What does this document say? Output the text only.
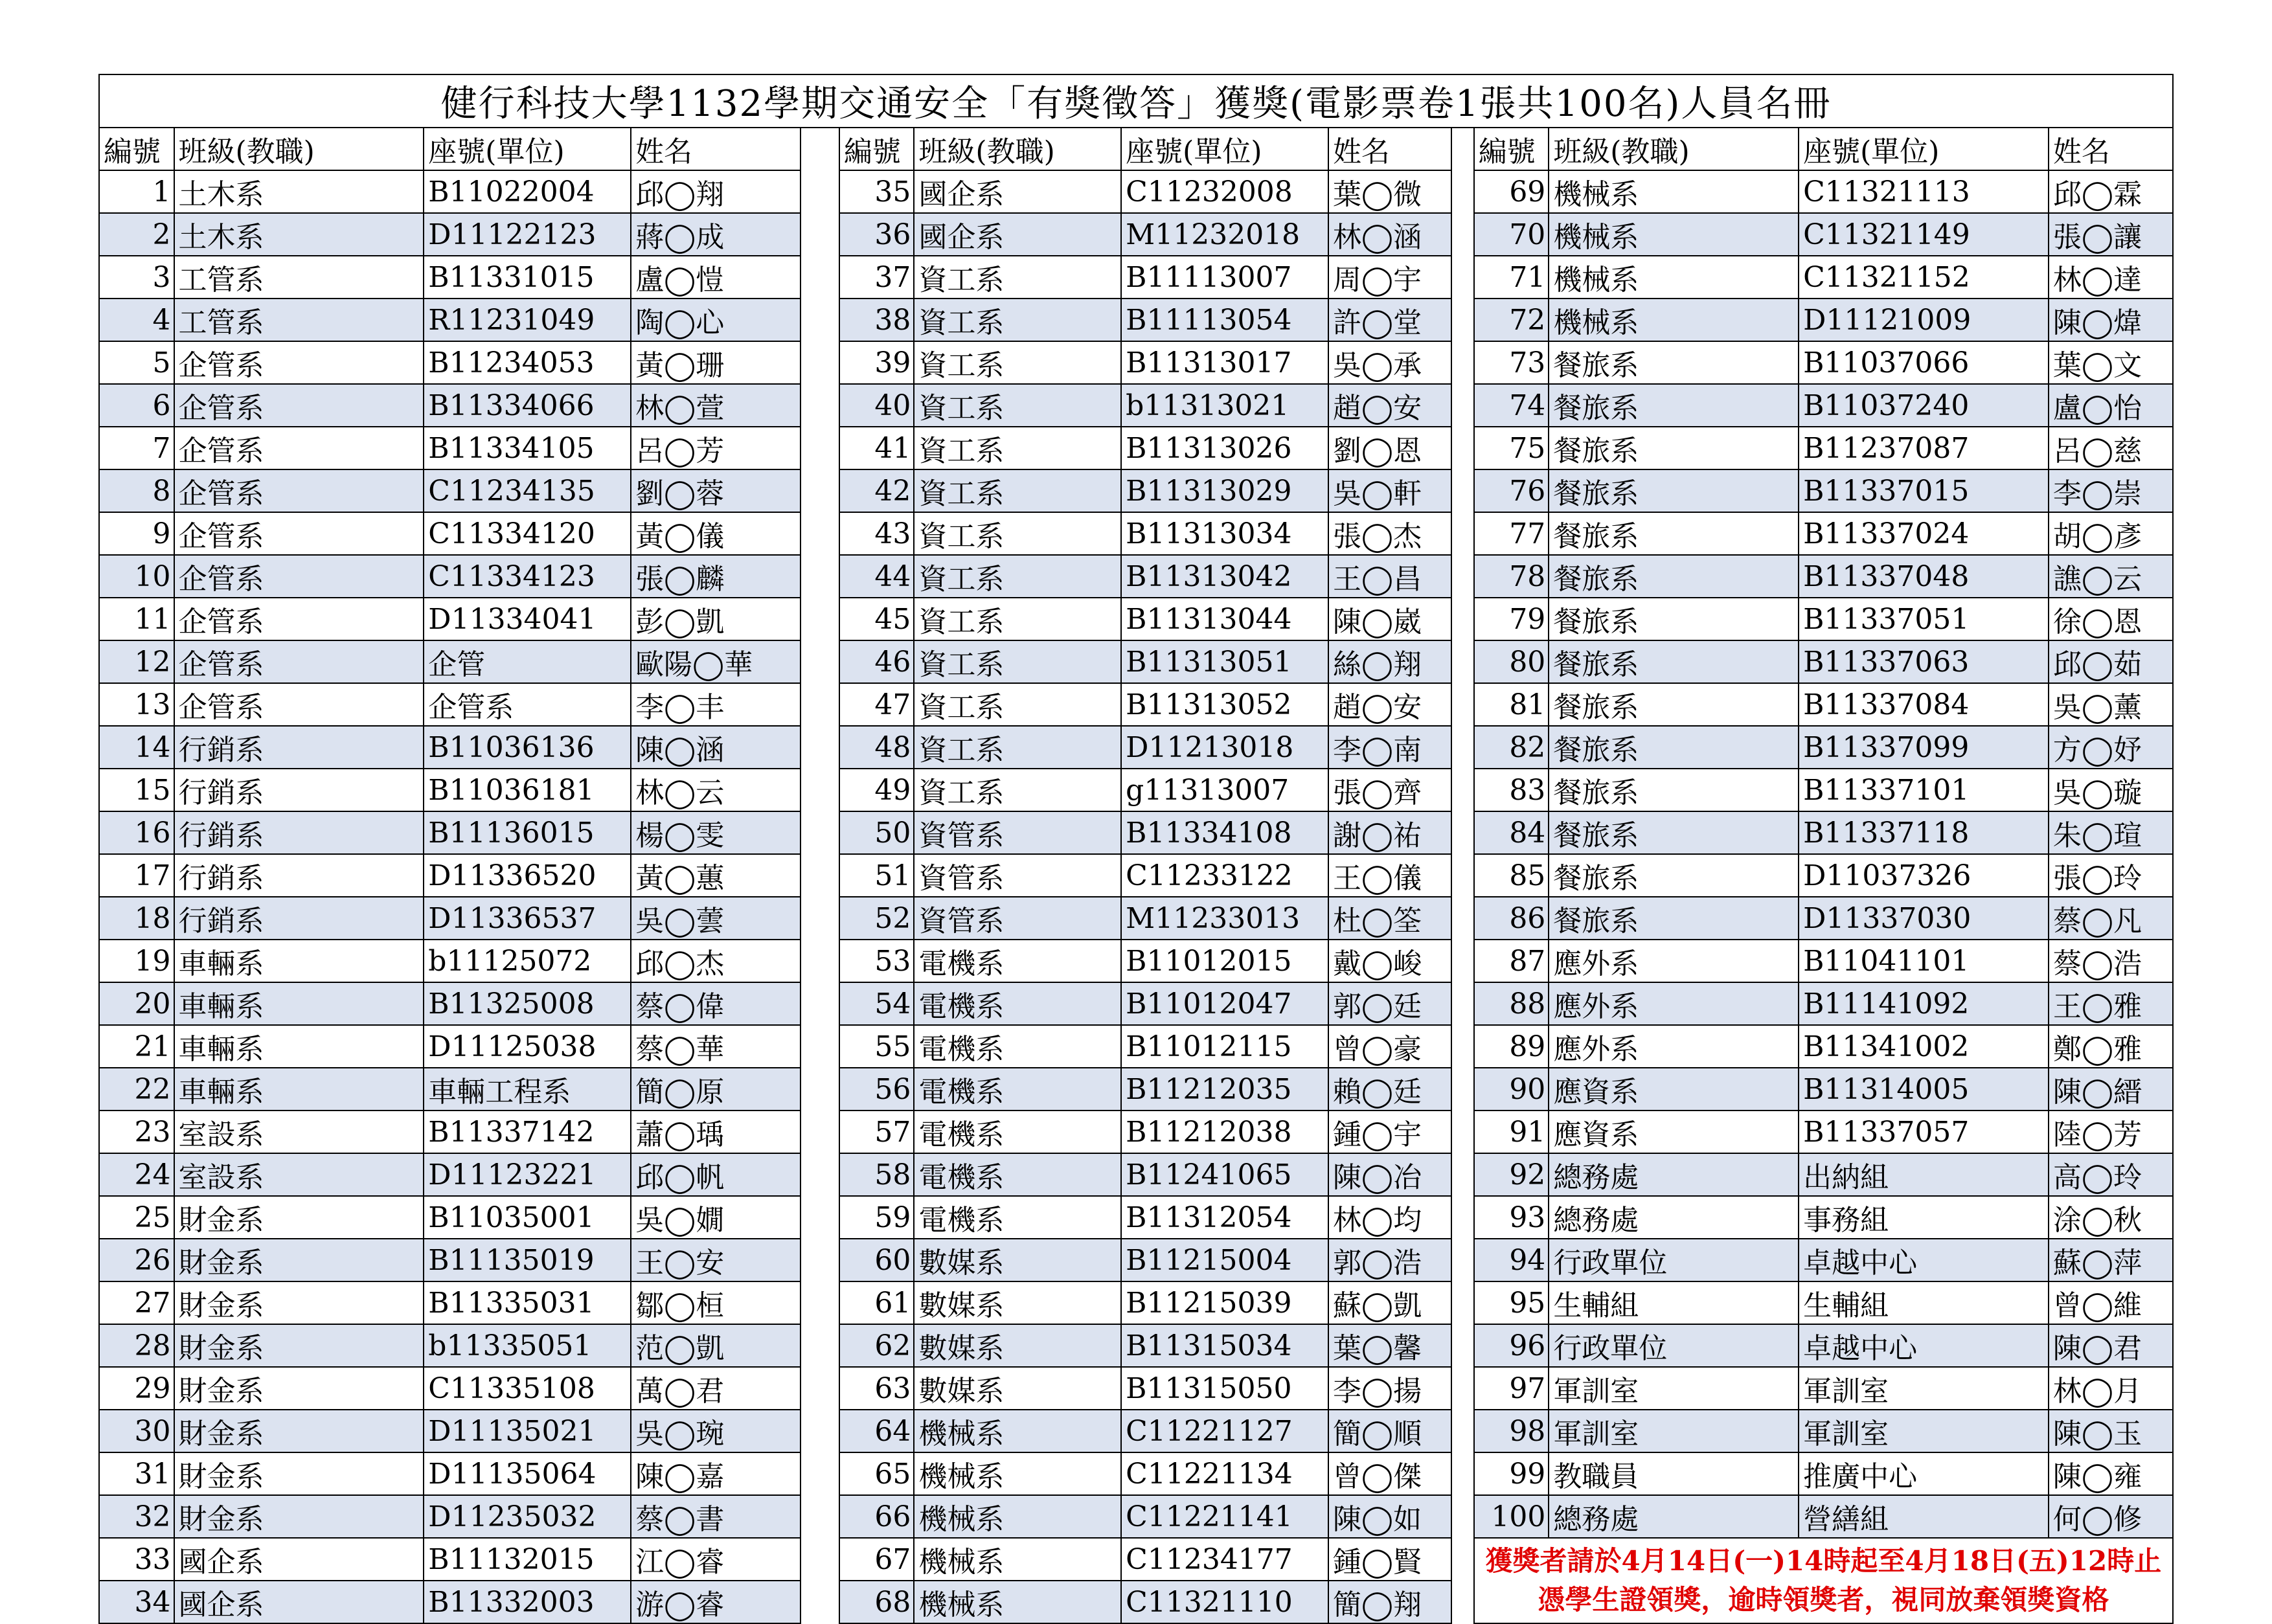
健行科技大學1132學期交通安全「有獎徵答」獲獎(電影票卷1張共100名)人員名冊													
編號	班級(教職)	座號(單位)	姓名		編號	班級(教職)	座號(單位)	姓名		編號	班級(教職)	座號(單位)	姓名
1	土木系	B11022004	邱◯翔		35	國企系	C11232008	葉◯微		69	機械系	C11321113	邱◯霖
2	土木系	D11122123	蔣◯成		36	國企系	M11232018	林◯涵		70	機械系	C11321149	張◯讓
3	工管系	B11331015	盧◯愷		37	資工系	B11113007	周◯宇		71	機械系	C11321152	林◯達
4	工管系	R11231049	陶◯心		38	資工系	B11113054	許◯堂		72	機械系	D11121009	陳◯煒
5	企管系	B11234053	黃◯珊		39	資工系	B11313017	吳◯承		73	餐旅系	B11037066	葉◯文
6	企管系	B11334066	林◯萱		40	資工系	b11313021	趙◯安		74	餐旅系	B11037240	盧◯怡
7	企管系	B11334105	呂◯芳		41	資工系	B11313026	劉◯恩		75	餐旅系	B11237087	呂◯慈
8	企管系	C11234135	劉◯蓉		42	資工系	B11313029	吳◯軒		76	餐旅系	B11337015	李◯崇
9	企管系	C11334120	黃◯儀		43	資工系	B11313034	張◯杰		77	餐旅系	B11337024	胡◯彥
10	企管系	C11334123	張◯麟		44	資工系	B11313042	王◯昌		78	餐旅系	B11337048	譙◯云
11	企管系	D11334041	彭◯凱		45	資工系	B11313044	陳◯崴		79	餐旅系	B11337051	徐◯恩
12	企管系	企管	歐陽◯華		46	資工系	B11313051	絲◯翔		80	餐旅系	B11337063	邱◯茹
13	企管系	企管系	李◯丰		47	資工系	B11313052	趙◯安		81	餐旅系	B11337084	吳◯薰
14	行銷系	B11036136	陳◯涵		48	資工系	D11213018	李◯南		82	餐旅系	B11337099	方◯妤
15	行銷系	B11036181	林◯云		49	資工系	g11313007	張◯齊		83	餐旅系	B11337101	吳◯璇
16	行銷系	B11136015	楊◯雯		50	資管系	B11334108	謝◯祐		84	餐旅系	B11337118	朱◯瑄
17	行銷系	D11336520	黃◯蕙		51	資管系	C11233122	王◯儀		85	餐旅系	D11037326	張◯玲
18	行銷系	D11336537	吳◯蕓		52	資管系	M11233013	杜◯筌		86	餐旅系	D11337030	蔡◯凡
19	車輛系	b11125072	邱◯杰		53	電機系	B11012015	戴◯峻		87	應外系	B11041101	蔡◯浩
20	車輛系	B11325008	蔡◯偉		54	電機系	B11012047	郭◯廷		88	應外系	B11141092	王◯雅
21	車輛系	D11125038	蔡◯華		55	電機系	B11012115	曾◯豪		89	應外系	B11341002	鄭◯雅
22	車輛系	車輛工程系	簡◯原		56	電機系	B11212035	賴◯廷		90	應資系	B11314005	陳◯縉
23	室設系	B11337142	蕭◯瑀		57	電機系	B11212038	鍾◯宇		91	應資系	B11337057	陸◯芳
24	室設系	D11123221	邱◯帆		58	電機系	B11241065	陳◯冶		92	總務處	出納組	高◯玲
25	財金系	B11035001	吳◯嫺		59	電機系	B11312054	林◯均		93	總務處	事務組	涂◯秋
26	財金系	B11135019	王◯安		60	數媒系	B11215004	郭◯浩		94	行政單位	卓越中心	蘇◯萍
27	財金系	B11335031	鄒◯桓		61	數媒系	B11215039	蘇◯凱		95	生輔組	生輔組	曾◯維
28	財金系	b11335051	范◯凱		62	數媒系	B11315034	葉◯馨		96	行政單位	卓越中心	陳◯君
29	財金系	C11335108	萬◯君		63	數媒系	B11315050	李◯揚		97	軍訓室	軍訓室	林◯月
30	財金系	D11135021	吳◯琬		64	機械系	C11221127	簡◯順		98	軍訓室	軍訓室	陳◯玉
31	財金系	D11135064	陳◯嘉		65	機械系	C11221134	曾◯傑		99	教職員	推廣中心	陳◯雍
32	財金系	D11235032	蔡◯書		66	機械系	C11221141	陳◯如		100	總務處	營繕組	何◯修
33	國企系	B11132015	江◯睿		67	機械系	C11234177	鍾◯賢		獲獎者請於4月14日(一)14時起至4月18日(五)12時止憑學生證領獎，逾時領獎者，視同放棄領獎資格			
34	國企系	B11332003	游◯睿		68	機械系	C11321110	簡◯翔					
